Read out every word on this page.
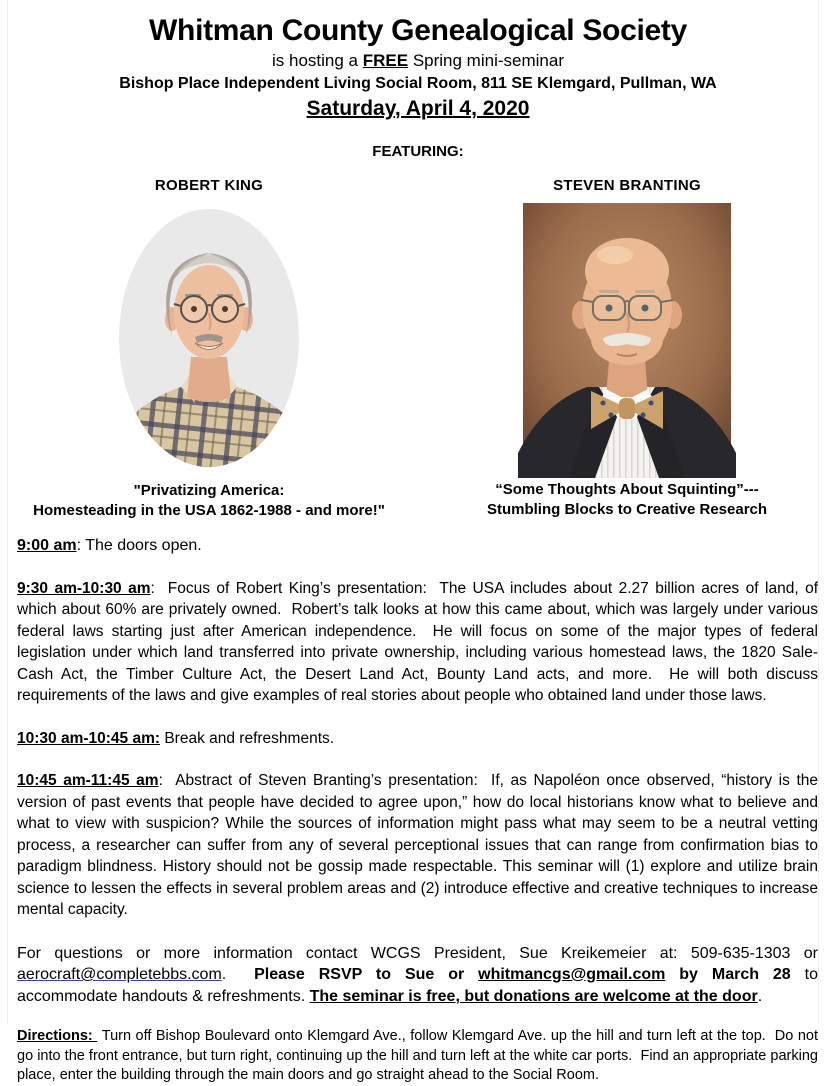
Whitman County Genealogical Society

is hosting a FREE Spring mini-seminar

Bishop Place Independent Living Social Room, 811 SE Klemgard, Pullman, WA

Saturday, April 4, 2020

FEATURING:

ROBERT KING
"Privatizing America:
Homesteading in the USA 1862-1988 - and more!"
STEVEN BRANTING
“Some Thoughts About Squinting”---
Stumbling Blocks to Creative Research

9:00 am: The doors open.

9:30 am-10:30 am:  Focus of Robert King’s presentation:  The USA includes about 2.27 billion acres of land, of which about 60% are privately owned.  Robert’s talk looks at how this came about, which was largely under various federal laws starting just after American independence.  He will focus on some of the major types of federal legislation under which land transferred into private ownership, including various homestead laws, the 1820 Sale-Cash Act, the Timber Culture Act, the Desert Land Act, Bounty Land acts, and more.  He will both discuss requirements of the laws and give examples of real stories about people who obtained land under those laws.

10:30 am-10:45 am: Break and refreshments.

10:45 am-11:45 am:  Abstract of Steven Branting’s presentation:  If, as Napoléon once observed, “history is the version of past events that people have decided to agree upon,” how do local historians know what to believe and what to view with suspicion? While the sources of information might pass what may seem to be a neutral vetting process, a researcher can suffer from any of several perceptional issues that can range from confirmation bias to paradigm blindness. History should not be gossip made respectable. This seminar will (1) explore and utilize brain science to lessen the effects in several problem areas and (2) introduce effective and creative techniques to increase mental capacity.

For questions or more information contact WCGS President, Sue Kreikemeier at: 509-635-1303 or aerocraft@completebbs.com.  Please RSVP to Sue or whitmancgs@gmail.com by March 28 to accommodate handouts & refreshments. The seminar is free, but donations are welcome at the door.

Directions:  Turn off Bishop Boulevard onto Klemgard Ave., follow Klemgard Ave. up the hill and turn left at the top.  Do not go into the front entrance, but turn right, continuing up the hill and turn left at the white car ports.  Find an appropriate parking place, enter the building through the main doors and go straight ahead to the Social Room.
